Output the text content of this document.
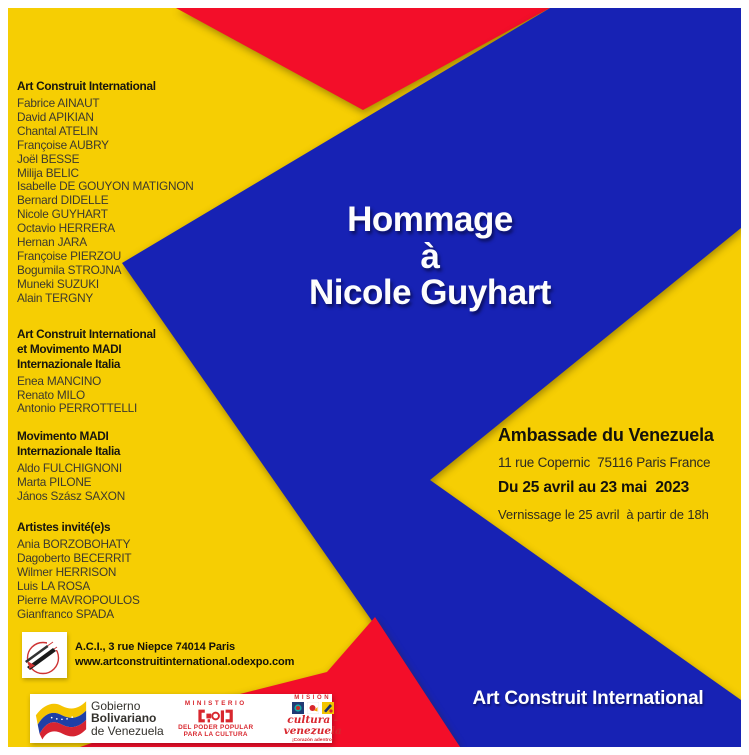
Art Construit International
Fabrice AINAUT
David APIKIAN
Chantal ATELIN
Françoise AUBRY
Joël BESSE
Milija BELIC
Isabelle DE GOUYON MATIGNON
Bernard DIDELLE
Nicole GUYHART
Octavio HERRERA
Hernan JARA
Françoise PIERZOU
Bogumila STROJNA
Muneki SUZUKI
Alain TERGNY
Art Construit International
et Movimento MADI
Internazionale Italia
Enea MANCINO
Renato MILO
Antonio PERROTTELLI
Movimento MADI
Internazionale Italia
Aldo FULCHIGNONI
Marta PILONE
János Szász SAXON
Artistes invité(e)s
Ania BORZOBOHATY
Dagoberto BECERRIT
Wilmer HERRISON
Luis LA ROSA
Pierre MAVROPOULOS
Gianfranco SPADA
Hommage
à
Nicole Guyhart
Ambassade du Venezuela
11 rue Copernic  75116 Paris France
Du 25 avril au 23 mai  2023
Vernissage le 25 avril  à partir de 18h
A.C.I., 3 rue Niepce 74014 Paris
www.artconstruitinternational.odexpo.com
Gobierno
Bolivariano
de Venezuela
MINISTERIO
DEL PODER POPULAR
PARA LA CULTURA
MISIÓN
cultura - venezuela
¡Corazón adentro!
Art Construit International
